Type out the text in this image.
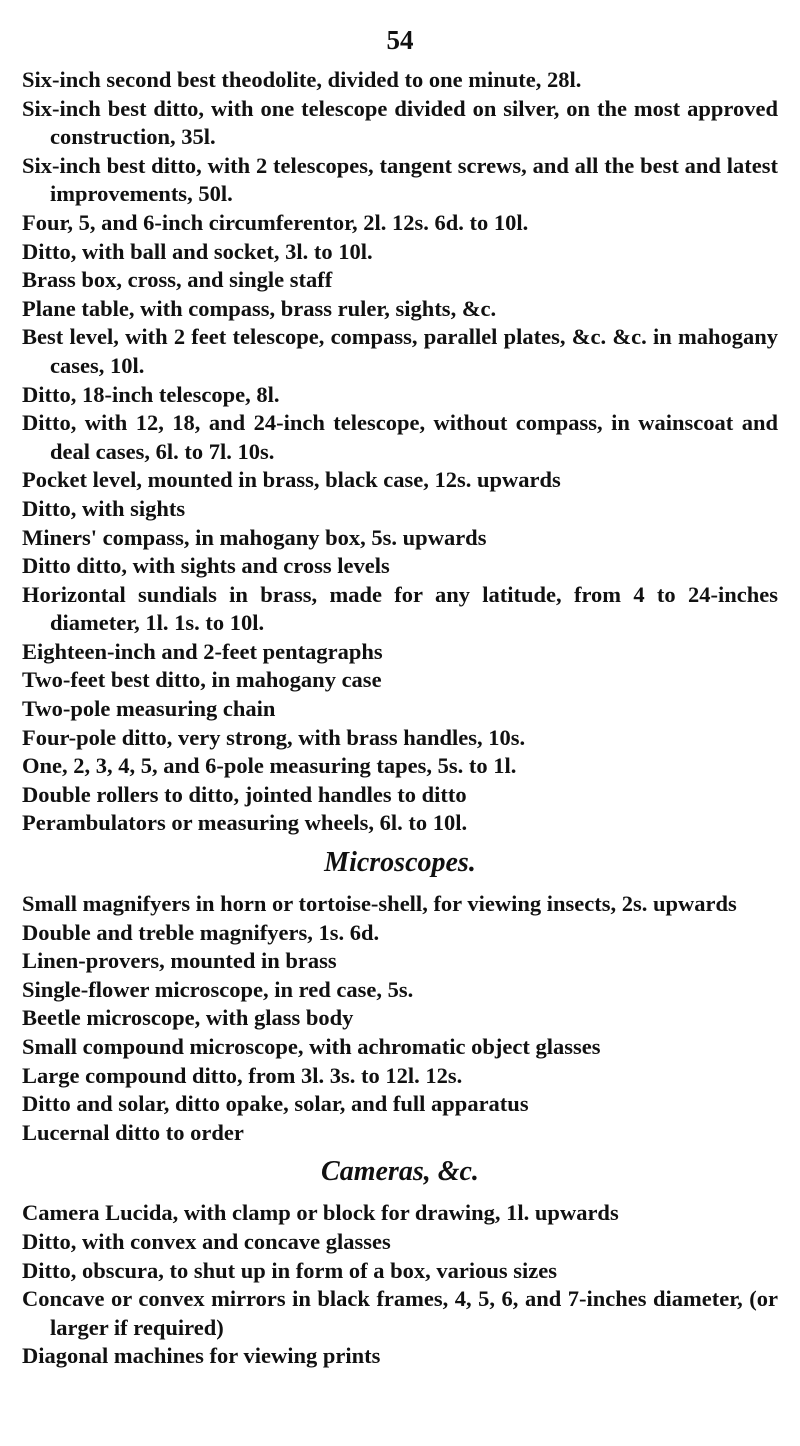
54

Six-inch second best theodolite, divided to one minute, 28l.

Six-inch best ditto, with one telescope divided on silver, on the most approved construction, 35l.

Six-inch best ditto, with 2 telescopes, tangent screws, and all the best and latest improvements, 50l.

Four, 5, and 6-inch circumferentor, 2l. 12s. 6d. to 10l.

Ditto, with ball and socket, 3l. to 10l.

Brass box, cross, and single staff

Plane table, with compass, brass ruler, sights, &c.

Best level, with 2 feet telescope, compass, parallel plates, &c. &c. in mahogany cases, 10l.

Ditto, 18-inch telescope, 8l.

Ditto, with 12, 18, and 24-inch telescope, without compass, in wainscoat and deal cases, 6l. to 7l. 10s.

Pocket level, mounted in brass, black case, 12s. upwards

Ditto, with sights

Miners' compass, in mahogany box, 5s. upwards

Ditto ditto, with sights and cross levels

Horizontal sundials in brass, made for any latitude, from 4 to 24-inches diameter, 1l. 1s. to 10l.

Eighteen-inch and 2-feet pentagraphs

Two-feet best ditto, in mahogany case

Two-pole measuring chain

Four-pole ditto, very strong, with brass handles, 10s.

One, 2, 3, 4, 5, and 6-pole measuring tapes, 5s. to 1l.

Double rollers to ditto, jointed handles to ditto

Perambulators or measuring wheels, 6l. to 10l.

Microscopes.

Small magnifyers in horn or tortoise-shell, for viewing insects, 2s. upwards

Double and treble magnifyers, 1s. 6d.

Linen-provers, mounted in brass

Single-flower microscope, in red case, 5s.

Beetle microscope, with glass body

Small compound microscope, with achromatic object glasses

Large compound ditto, from 3l. 3s. to 12l. 12s.

Ditto and solar, ditto opake, solar, and full apparatus

Lucernal ditto to order

Cameras, &c.

Camera Lucida, with clamp or block for drawing, 1l. upwards

Ditto, with convex and concave glasses

Ditto, obscura, to shut up in form of a box, various sizes

Concave or convex mirrors in black frames, 4, 5, 6, and 7-inches diameter, (or larger if required)

Diagonal machines for viewing prints
